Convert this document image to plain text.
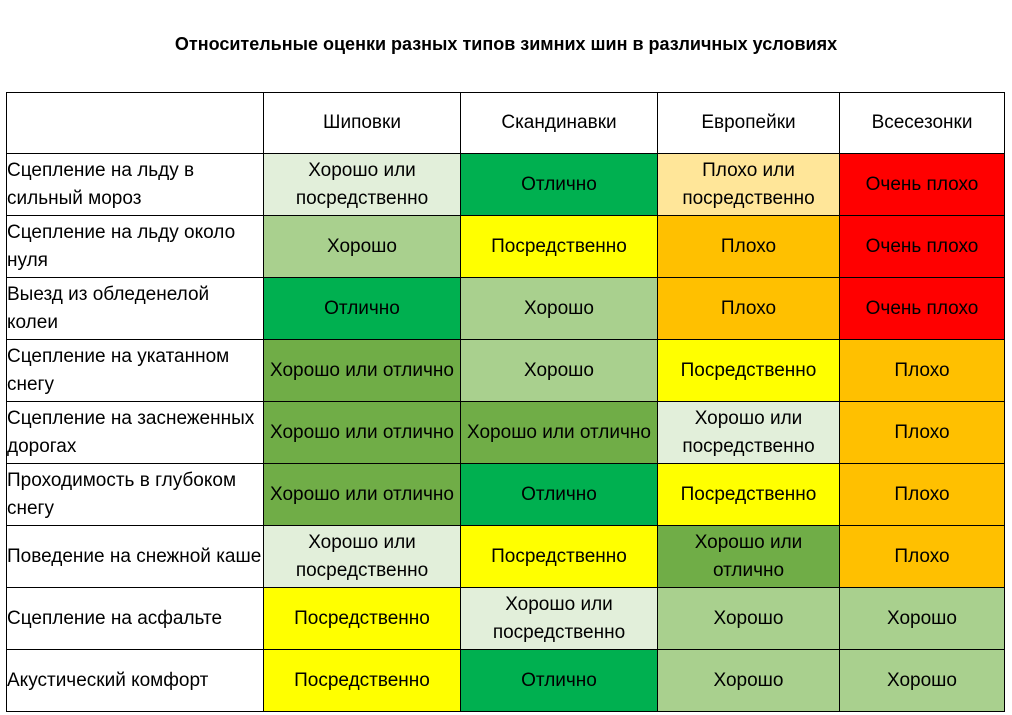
Относительные оценки разных типов зимних шин в различных условиях
	Шиповки	Скандинавки	Европейки	Всесезонки
Сцепление на льду в сильный мороз	Хорошо или посредственно	Отлично	Плохо или посредственно	Очень плохо
Сцепление на льду около нуля	Хорошо	Посредственно	Плохо	Очень плохо
Выезд из обледенелой колеи	Отлично	Хорошо	Плохо	Очень плохо
Сцепление на укатанном снегу	Хорошо или отлично	Хорошо	Посредственно	Плохо
Сцепление на заснеженных дорогах	Хорошо или отлично	Хорошо или отлично	Хорошо или посредственно	Плохо
Проходимость в глубоком снегу	Хорошо или отлично	Отлично	Посредственно	Плохо
Поведение на снежной каше	Хорошо или посредственно	Посредственно	Хорошо или отлично	Плохо
Сцепление на асфальте	Посредственно	Хорошо или посредственно	Хорошо	Хорошо
Акустический комфорт	Посредственно	Отлично	Хорошо	Хорошо
